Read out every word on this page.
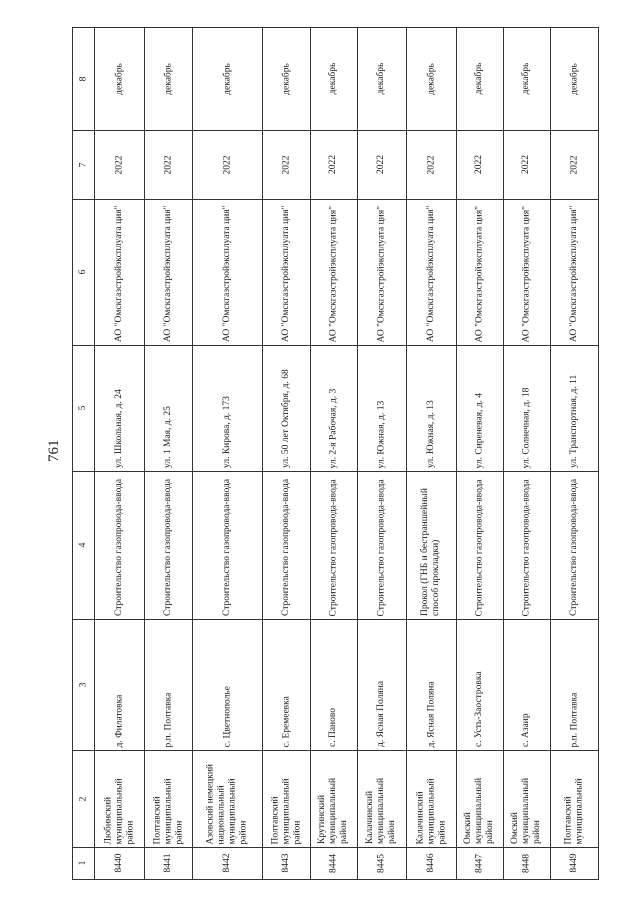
761
8
7
6
5
4
3
2
1
декабрь
2022
АО "Омскгазстройэксплуата ция"
ул. Школьная, д. 24
Строительство газопровода-ввода
д. Филатовка
Любинский муниципальный район
8440
декабрь
2022
АО "Омскгазстройэксплуата ция"
ул. 1 Мая, д. 25
Строительство газопровода-ввода
р.п. Полтавка
Полтавский муниципальный район
8441
декабрь
2022
АО "Омскгазстройэксплуата ция"
ул. Кирова, д. 173
Строительство газопровода-ввода
с. Цветнополье
Азовский немецкий национальный муниципальный район
8442
декабрь
2022
АО "Омскгазстройэксплуата ция"
ул. 50 лет Октября, д. 68
Строительство газопровода-ввода
с. Еремеевка
Полтавский муниципальный район
8443
декабрь
2022
АО "Омскгазстройэксплуата ция"
ул. 2-я Рабочая, д. 3
Строительство газопровода-ввода
с. Паново
Крутинский муниципальный район
8444
декабрь
2022
АО "Омскгазстройэксплуата ция"
ул. Южная, д. 13
Строительство газопровода-ввода
д. Ясная Поляна
Калачинский муниципальный район
8445
декабрь
2022
АО "Омскгазстройэксплуата ция"
ул. Южная, д. 13
Прокол (ГНБ и бестраншейный способ прокладки)
д. Ясная Поляна
Калачинский муниципальный район
8446
декабрь
2022
АО "Омскгазстройэксплуата ция"
ул. Сиреневая, д. 4
Строительство газопровода-ввода
с. Усть-Заостровка
Омский муниципальный район
8447
декабрь
2022
АО "Омскгазстройэксплуата ция"
ул. Солнечная, д. 18
Строительство газопровода-ввода
с. Азаир
Омский муниципальный район
8448
декабрь
2022
АО "Омскгазстройэксплуата ция"
ул. Транспортная, д. 11
Строительство газопровода-ввода
р.п. Полтавка
Полтавский муниципальный
8449
